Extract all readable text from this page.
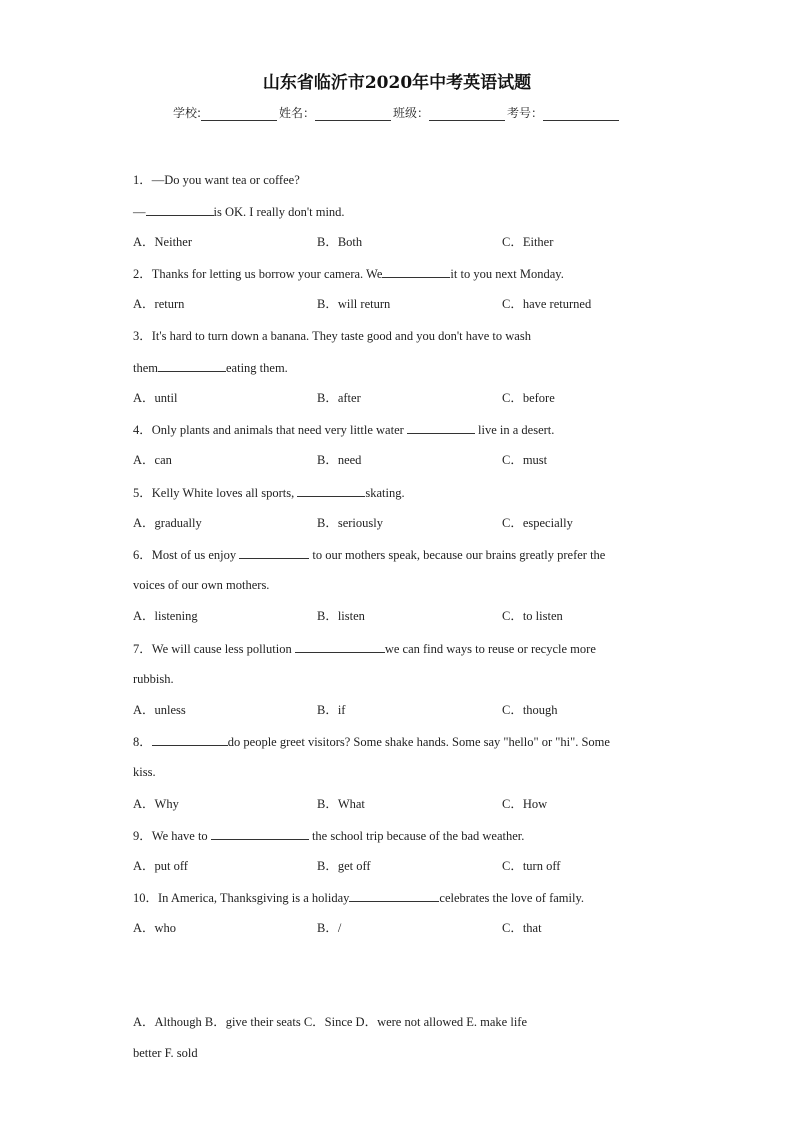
山东省临沂市2020年中考英语试题
学校:	姓名：	班级：	考号：
1．—Do you want tea or coffee?
—	is OK. I really don't mind.
A．Neither	B．Both	C．Either
2．Thanks for letting us borrow your camera. We	it to you next Monday.
A．return	B．will return	C．have returned
3．It's hard to turn down a banana. They taste good and you don't have to wash
them	eating them.
A．until	B．after	C．before
4．Only plants and animals that need very little water	live in a desert.
A．can	B．need	C．must
5．Kelly White loves all sports,	skating.
A．gradually	B．seriously	C．especially
6．Most of us enjoy	to our mothers speak, because our brains greatly prefer the
voices of our own mothers.
A．listening	B．listen	C．to listen
7．We will cause less pollution	we can find ways to reuse or recycle more
rubbish.
A．unless	B．if	C．though
8．	do people greet visitors? Some shake hands. Some say "hello" or "hi". Some
kiss.
A．Why	B．What	C．How
9．We have to	the school trip because of the bad weather.
A．put off	B．get off	C．turn off
10．In America, Thanksgiving is a holiday	celebrates the love of family.
A．who	B．/	C．that
A．Although B．give their seats C．Since D．were not allowed E. make life
better F. sold
